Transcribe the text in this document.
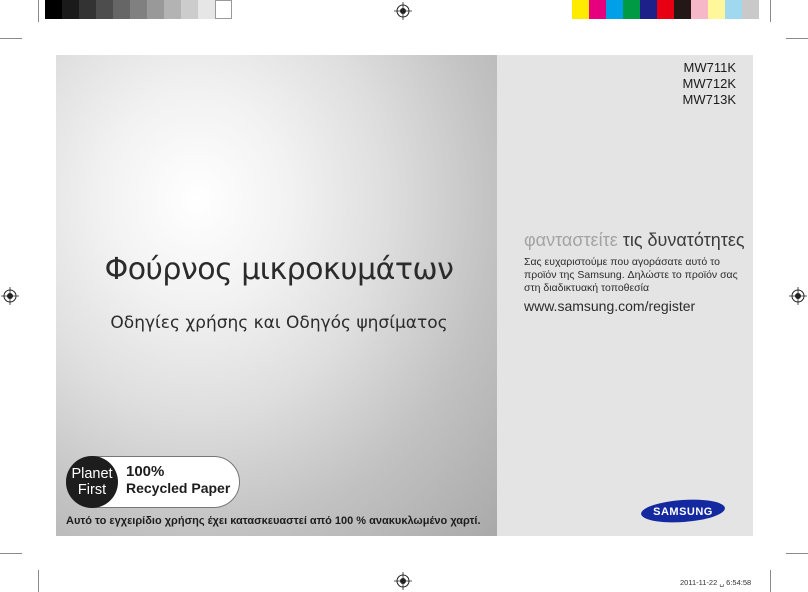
MW711K
MW712K
MW713K
Φούρνος μικροκυμάτων
Οδηγίες χρήσης και Οδηγός ψησίματος
φανταστείτε τις δυνατότητες
Σας ευχαριστούμε που αγοράσατε αυτό το προϊόν της Samsung. Δηλώστε το προϊόν σας στη διαδικτυακή τοποθεσία
www.samsung.com/register
Planet
First
100%
Recycled Paper
Αυτό το εγχειρίδιο χρήσης έχει κατασκευαστεί από 100 % ανακυκλωμένο χαρτί.
SAMSUNG
2011-11-22 ␣ 6:54:58
